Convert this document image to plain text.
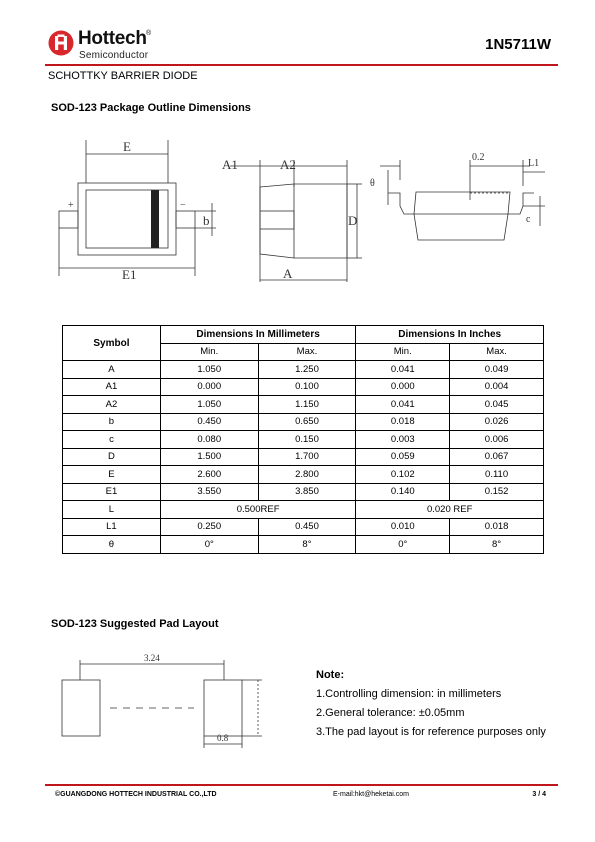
Hottech ®
Semiconductor
1N5711W
SCHOTTKY BARRIER DIODE
SOD-123 Package Outline Dimensions
E
E1
b
A1	A2
D
A
θ
0.2
L1
c
+	−
Symbol	Dimensions In Millimeters		Dimensions In Inches	
	Min.	Max.	Min.	Max.
A	1.050	1.250	0.041	0.049
A1	0.000	0.100	0.000	0.004
A2	1.050	1.150	0.041	0.045
b	0.450	0.650	0.018	0.026
c	0.080	0.150	0.003	0.006
D	1.500	1.700	0.059	0.067
E	2.600	2.800	0.102	0.110
E1	3.550	3.850	0.140	0.152
L	0.500REF		0.020 REF	
L1	0.250	0.450	0.010	0.018
θ	0°	8°	0°	8°
SOD-123 Suggested Pad Layout
3.24
0.8
Note:
1.Controlling dimension: in millimeters
2.General tolerance: ±0.05mm
3.The pad layout is for reference purposes only
©GUANGDONG HOTTECH INDUSTRIAL CO.,LTD	E-mail:hkt@heketai.com	3 / 4
